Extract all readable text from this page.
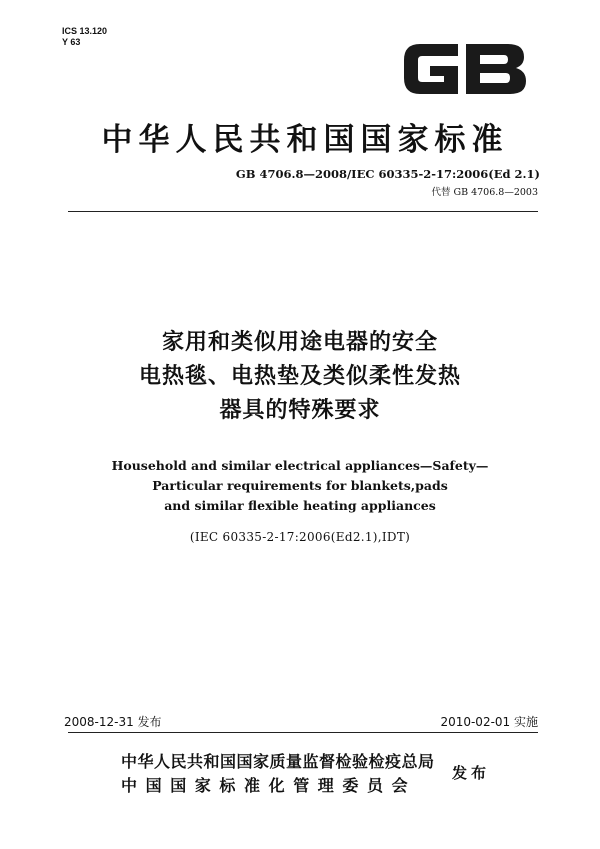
ICS 13.120
Y 63
中华人民共和国国家标准
GB 4706.8—2008/IEC 60335-2-17:2006(Ed 2.1)
代替 GB 4706.8—2003
家用和类似用途电器的安全
电热毯、电热垫及类似柔性发热
器具的特殊要求
Household and similar electrical appliances—Safety—
Particular requirements for blankets,pads
and similar flexible heating appliances
(IEC 60335-2-17:2006(Ed2.1),IDT)
2008-12-31 发布	2010-02-01 实施
中华人民共和国国家质量监督检验检疫总局
中国国家标准化管理委员会
发布
